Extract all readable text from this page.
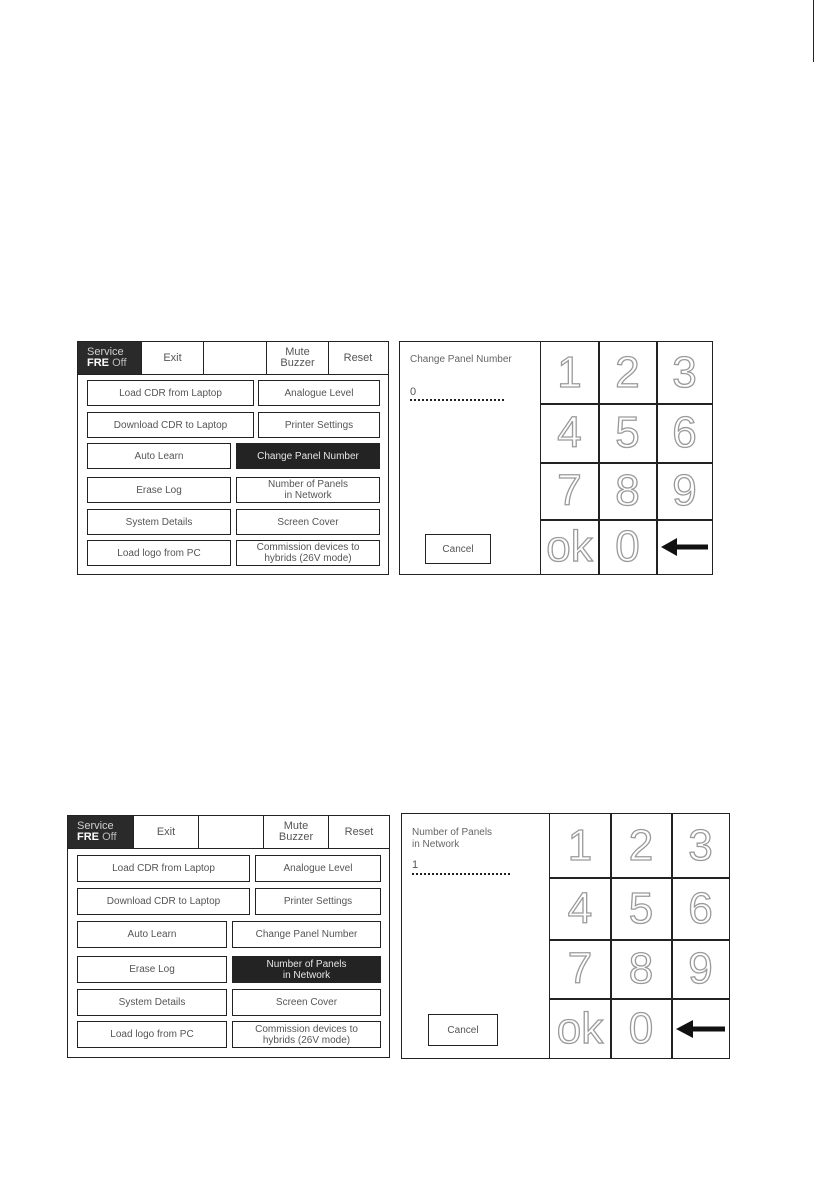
Service
FRE Off	Exit	Mute
Buzzer	Reset
Load CDR from Laptop	Analogue Level
Download CDR to Laptop	Printer Settings
Auto Learn	Change Panel Number
Erase Log	Number of Panels
in Network
System Details	Screen Cover
Load logo from PC	Commission devices to
hybrids (26V mode)
Change Panel Number
0
Cancel
1 2 3
4 5 6
7 8 9
ok 0
Service
FRE Off	Exit	Mute
Buzzer	Reset
Load CDR from Laptop	Analogue Level
Download CDR to Laptop	Printer Settings
Auto Learn	Change Panel Number
Erase Log	Number of Panels
in Network
System Details	Screen Cover
Load logo from PC	Commission devices to
hybrids (26V mode)
Number of Panels
in Network
1
Cancel
1 2 3
4 5 6
7 8 9
ok 0
